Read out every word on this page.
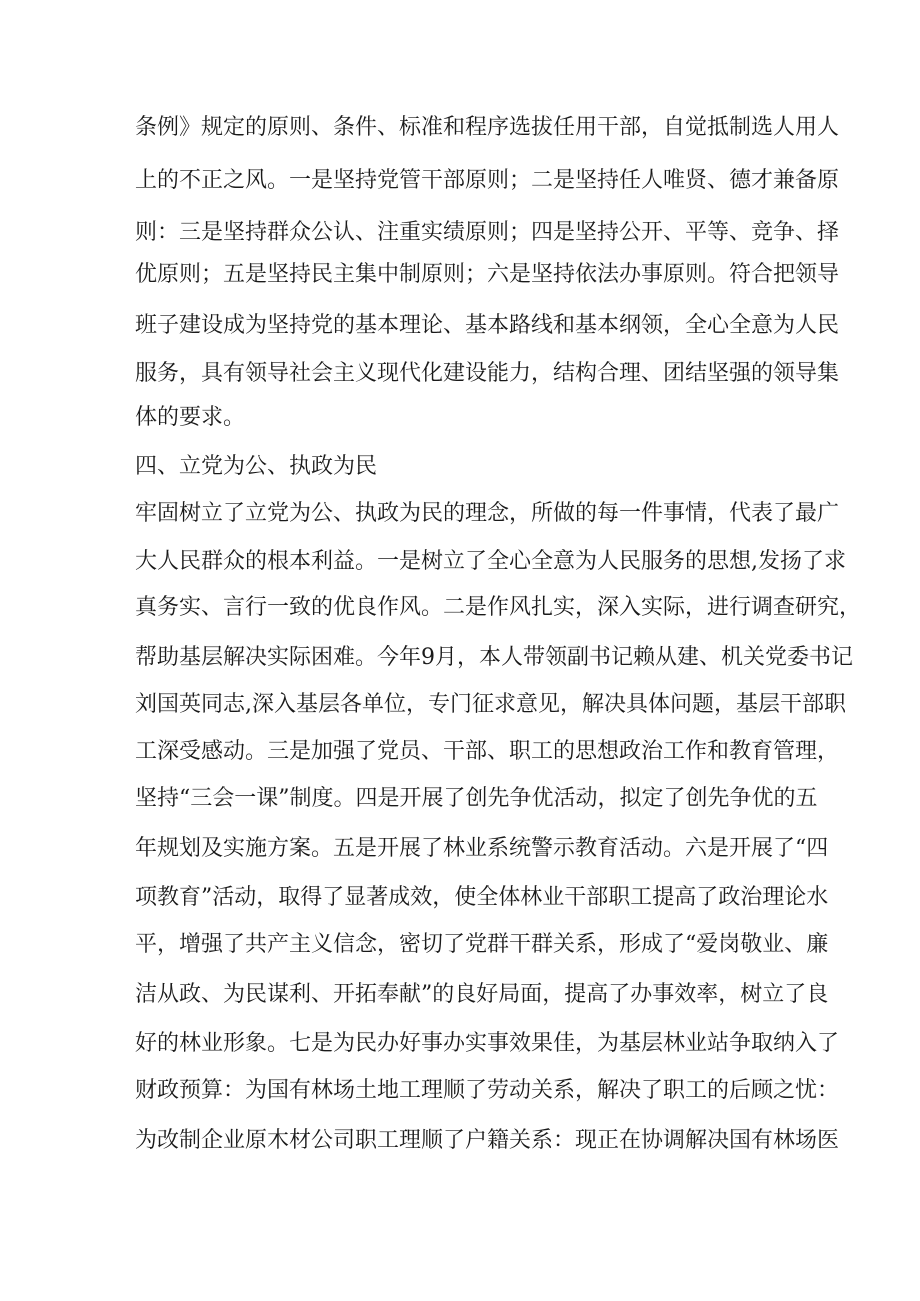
条例》规定的原则、条件、标准和程序选拔任用干部，自觉抵制选人用人
上的不正之风。一是坚持党管干部原则；二是坚持任人唯贤、德才兼备原
则：三是坚持群众公认、注重实绩原则；四是坚持公开、平等、竞争、择
优原则；五是坚持民主集中制原则；六是坚持依法办事原则。符合把领导
班子建设成为坚持党的基本理论、基本路线和基本纲领，全心全意为人民
服务，具有领导社会主义现代化建设能力，结构合理、团结坚强的领导集
体的要求。
四、立党为公、执政为民
牢固树立了立党为公、执政为民的理念，所做的每一件事情，代表了最广
大人民群众的根本利益。一是树立了全心全意为人民服务的思想,发扬了求
真务实、言行一致的优良作风。二是作风扎实，深入实际，进行调查研究，
帮助基层解决实际困难。今年9月，本人带领副书记赖从建、机关党委书记
刘国英同志,深入基层各单位，专门征求意见，解决具体问题，基层干部职
工深受感动。三是加强了党员、干部、职工的思想政治工作和教育管理，
坚持“三会一课”制度。四是开展了创先争优活动，拟定了创先争优的五
年规划及实施方案。五是开展了林业系统警示教育活动。六是开展了“四
项教育”活动，取得了显著成效，使全体林业干部职工提高了政治理论水
平，增强了共产主义信念，密切了党群干群关系，形成了“爱岗敬业、廉
洁从政、为民谋利、开拓奉献”的良好局面，提高了办事效率，树立了良
好的林业形象。七是为民办好事办实事效果佳，为基层林业站争取纳入了
财政预算：为国有林场土地工理顺了劳动关系，解决了职工的后顾之忧：
为改制企业原木材公司职工理顺了户籍关系：现正在协调解决国有林场医
